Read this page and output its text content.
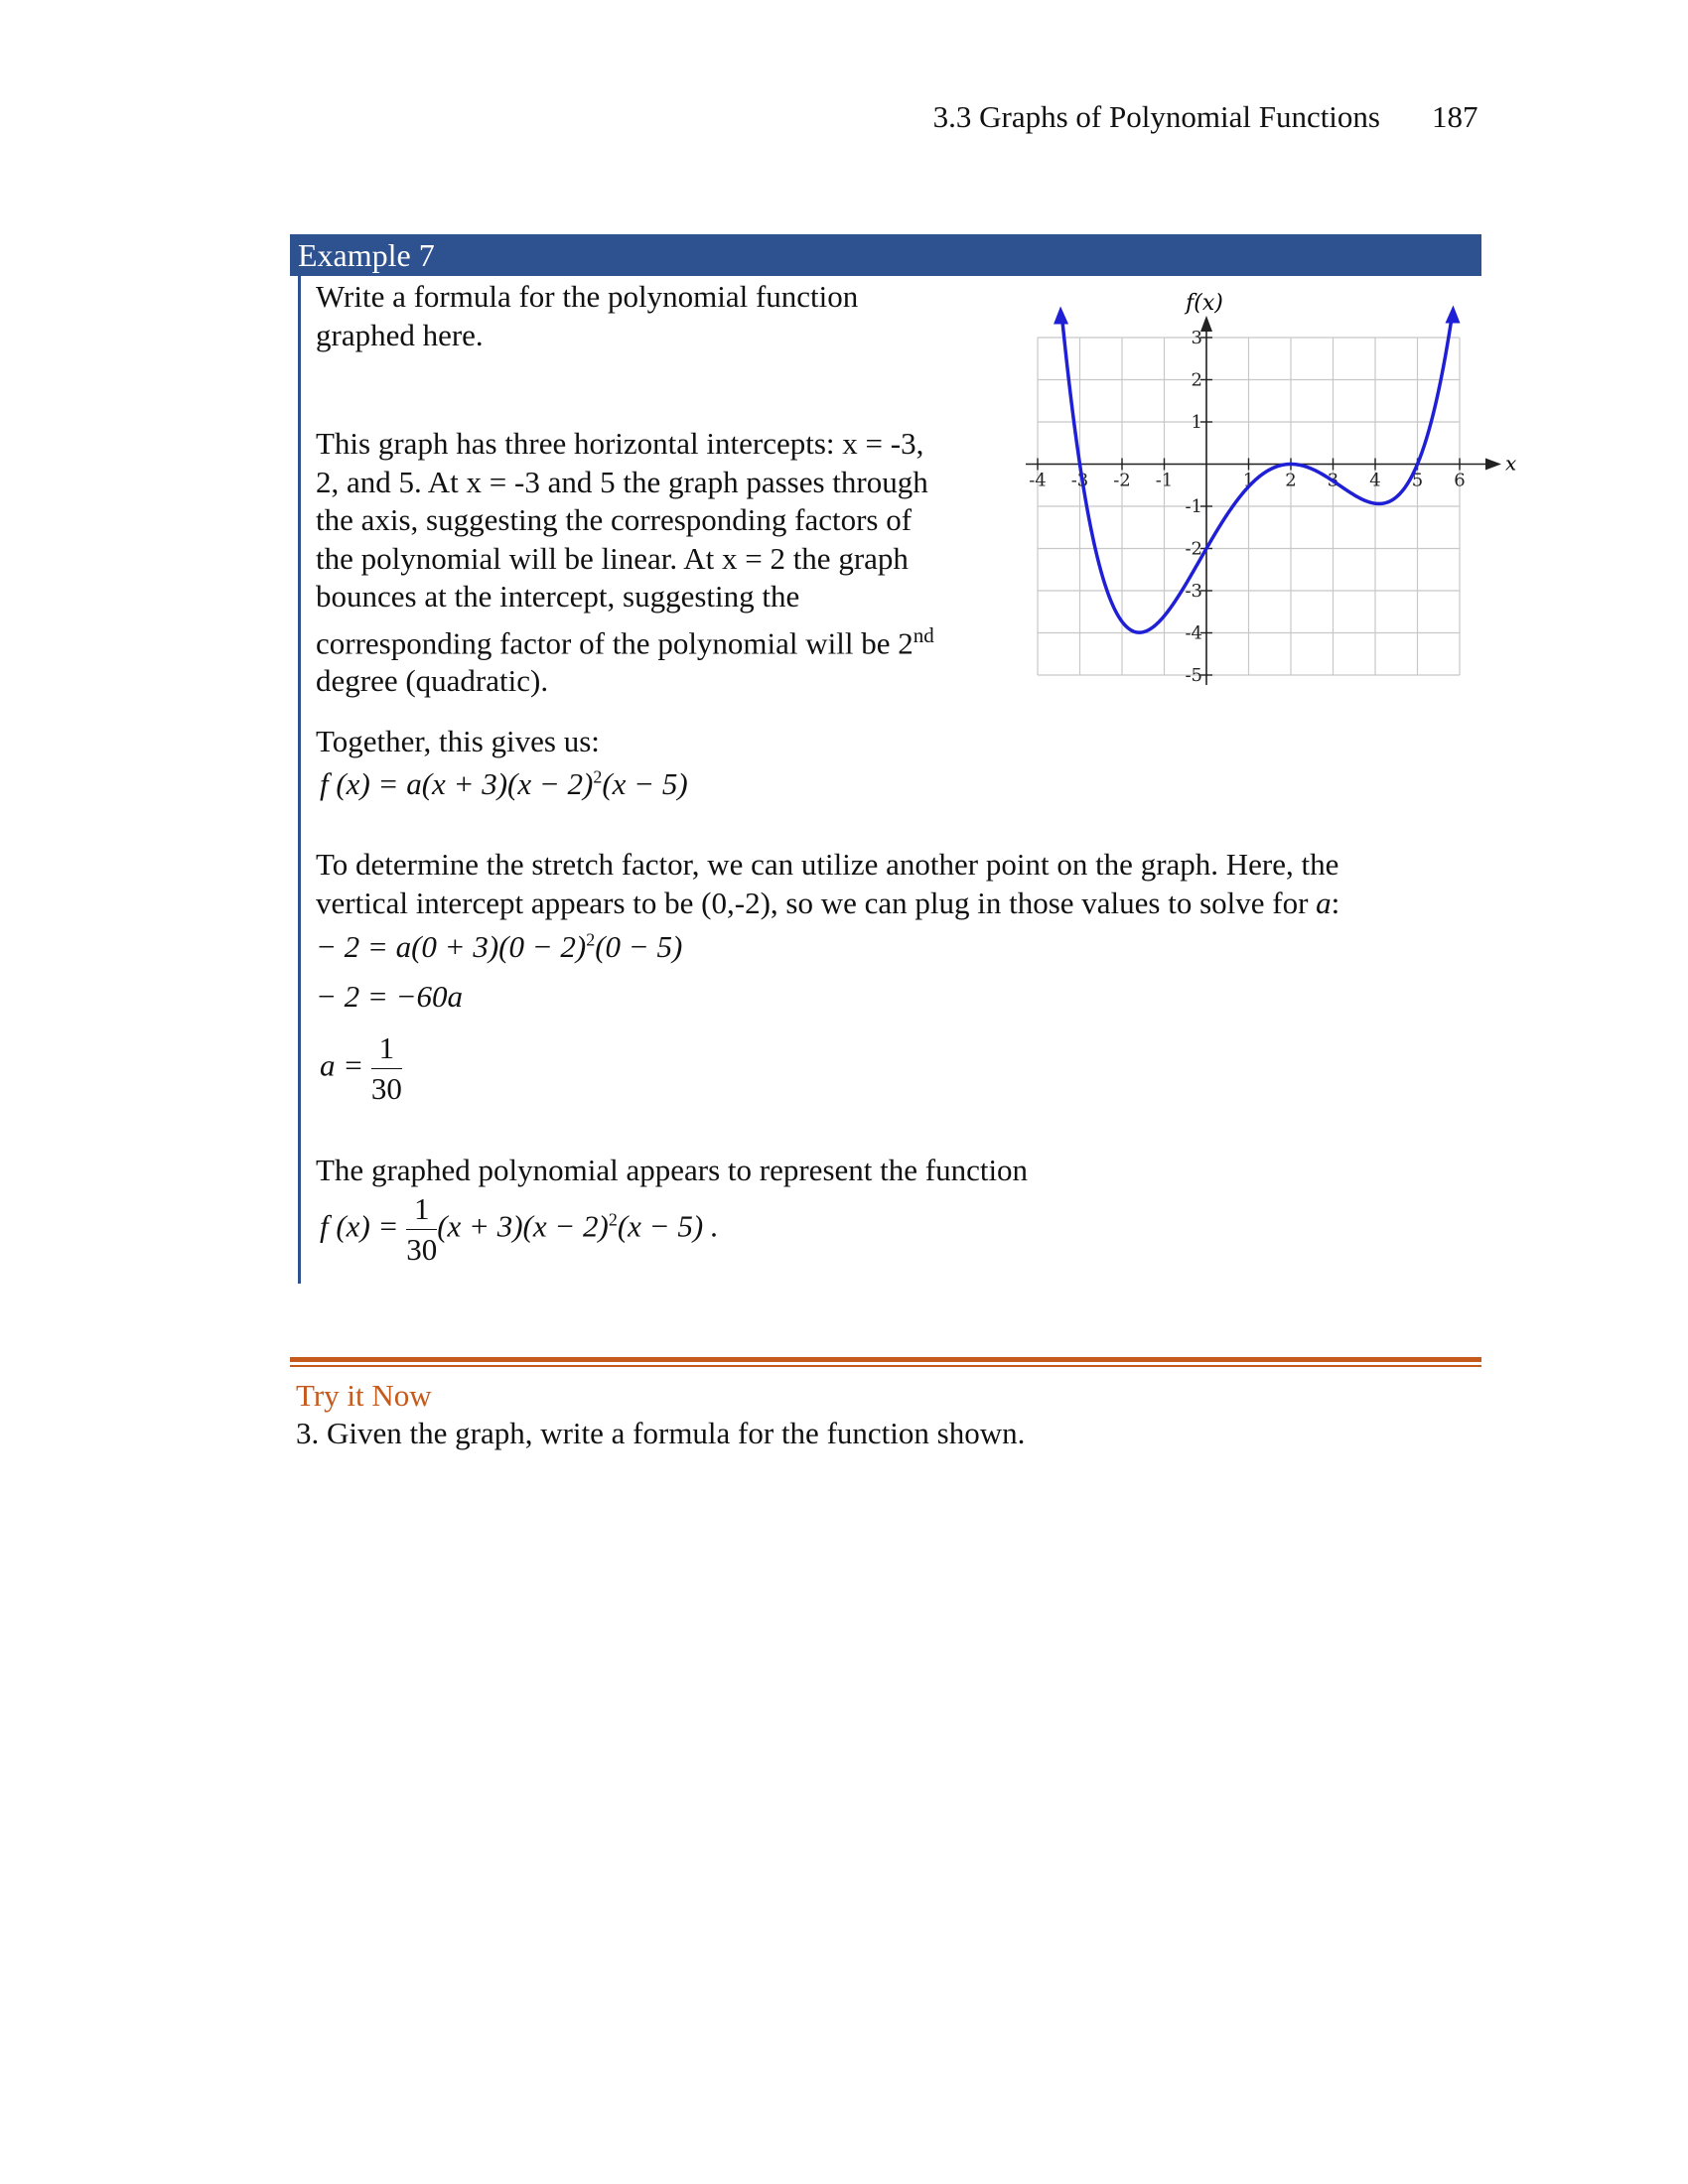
3.3 Graphs of Polynomial Functions 187
Example 7
Write a formula for the polynomial function
graphed here.
This graph has three horizontal intercepts: x = -3,
2, and 5. At x = -3 and 5 the graph passes through
the axis, suggesting the corresponding factors of
the polynomial will be linear. At x = 2 the graph
bounces at the intercept, suggesting the
corresponding factor of the polynomial will be 2nd
degree (quadratic).
-4 -3 -2 -1	1 2 3 4 5 6
3
2
1
-1
-2
-3
-4
-5
x
f(x)
Together, this gives us:
f $(x) = a(x + 3)(x - 2)^2(x - 5)$
To determine the stretch factor, we can utilize another point on the graph. Here, the
vertical intercept appears to be (0,-2), so we can plug in those values to solve for a:
− $2 = a(0 + 3)(0 - 2)^2(0 - 5)$
− 2 = −60a
$a = \frac{1}{30}$
The graphed polynomial appears to represent the function
f $(x) = \frac{1}{30} (x + 3)(x - 2)^2(x - 5)$ .
Try it Now
3. Given the graph, write a formula for the function shown.
